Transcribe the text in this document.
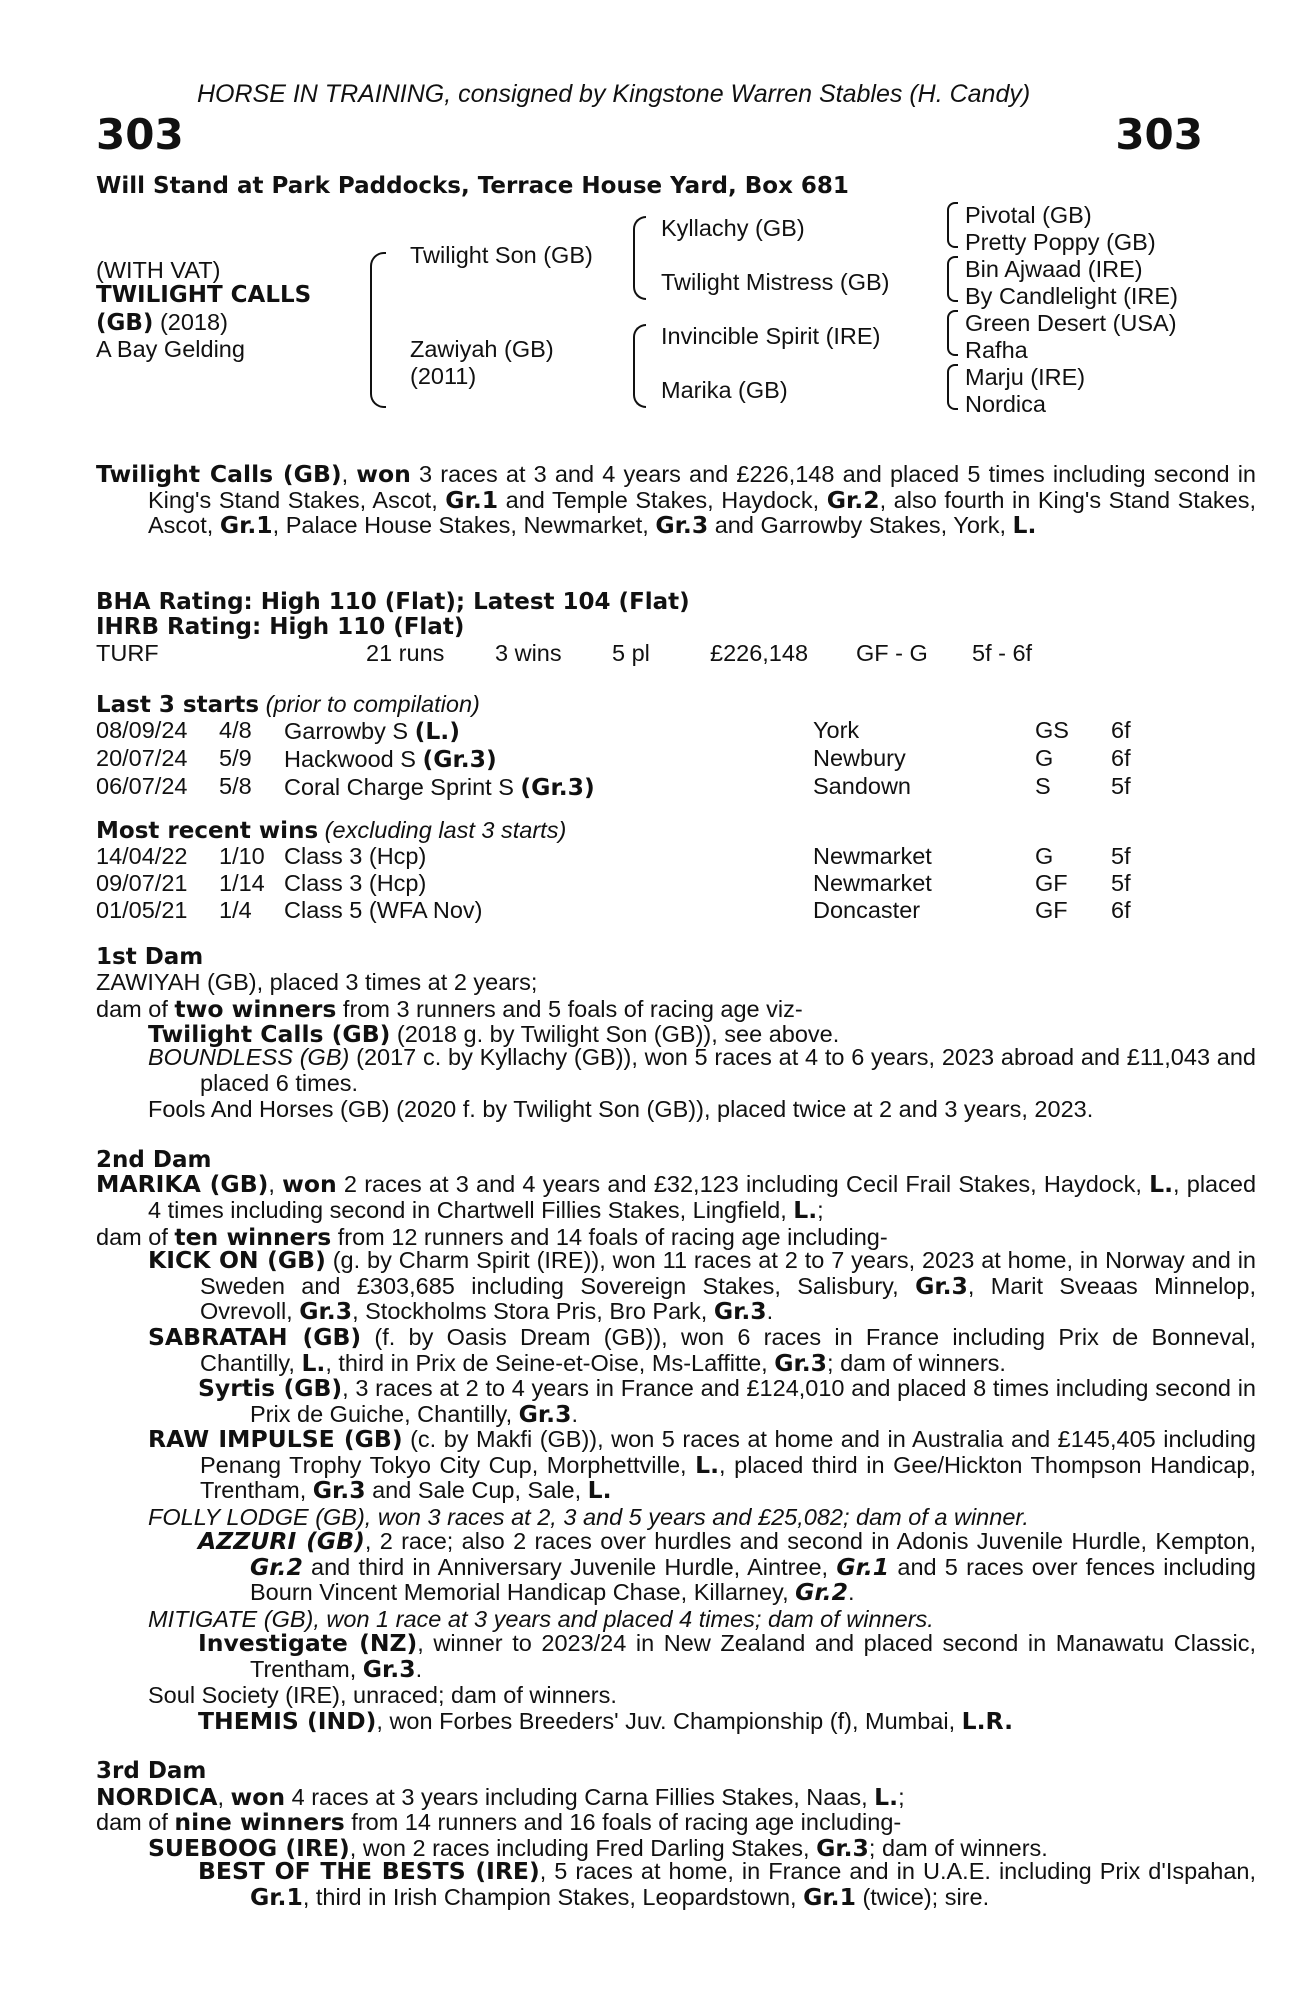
HORSE IN TRAINING, consigned by Kingstone Warren Stables (H. Candy)
303	303
Will Stand at Park Paddocks, Terrace House Yard, Box 681
(WITH VAT)
TWILIGHT CALLS
(GB) (2018)
A Bay Gelding
Twilight Son (GB)
Zawiyah (GB)
(2011)
Kyllachy (GB)
Twilight Mistress (GB)
Invincible Spirit (IRE)
Marika (GB)
Pivotal (GB)
Pretty Poppy (GB)
Bin Ajwaad (IRE)
By Candlelight (IRE)
Green Desert (USA)
Rafha
Marju (IRE)
Nordica
Twilight Calls (GB), won 3 races at 3 and 4 years and £226,148 and placed 5 times including second in King's Stand Stakes, Ascot, Gr.1 and Temple Stakes, Haydock, Gr.2, also fourth in King's Stand Stakes, Ascot, Gr.1, Palace House Stakes, Newmarket, Gr.3 and Garrowby Stakes, York, L.
BHA Rating: High 110 (Flat); Latest 104 (Flat)
IHRB Rating: High 110 (Flat)
TURF	21 runs 3 wins 5 pl	£226,148 GF - G 5f - 6f
Last 3 starts (prior to compilation)
08/09/24	4/8	Garrowby S (L.)	York	GS	6f
20/07/24	5/9	Hackwood S (Gr.3)	Newbury	G	6f
06/07/24	5/8	Coral Charge Sprint S (Gr.3)	Sandown	S	5f
Most recent wins (excluding last 3 starts)
14/04/22	1/10	Class 3 (Hcp)	Newmarket	G	5f
09/07/21	1/14	Class 3 (Hcp)	Newmarket	GF	5f
01/05/21	1/4	Class 5 (WFA Nov)	Doncaster	GF	6f
1st Dam
ZAWIYAH (GB), placed 3 times at 2 years;
dam of two winners from 3 runners and 5 foals of racing age viz-
Twilight Calls (GB) (2018 g. by Twilight Son (GB)), see above.
BOUNDLESS (GB) (2017 c. by Kyllachy (GB)), won 5 races at 4 to 6 years, 2023 abroad and £11,043 and placed 6 times.
Fools And Horses (GB) (2020 f. by Twilight Son (GB)), placed twice at 2 and 3 years, 2023.
2nd Dam
MARIKA (GB), won 2 races at 3 and 4 years and £32,123 including Cecil Frail Stakes, Haydock, L., placed 4 times including second in Chartwell Fillies Stakes, Lingfield, L.;
dam of ten winners from 12 runners and 14 foals of racing age including-
KICK ON (GB) (g. by Charm Spirit (IRE)), won 11 races at 2 to 7 years, 2023 at home, in Norway and in Sweden and £303,685 including Sovereign Stakes, Salisbury, Gr.3, Marit Sveaas Minnelop, Ovrevoll, Gr.3, Stockholms Stora Pris, Bro Park, Gr.3.
SABRATAH (GB) (f. by Oasis Dream (GB)), won 6 races in France including Prix de Bonneval, Chantilly, L., third in Prix de Seine-et-Oise, Ms-Laffitte, Gr.3; dam of winners.
Syrtis (GB), 3 races at 2 to 4 years in France and £124,010 and placed 8 times including second in Prix de Guiche, Chantilly, Gr.3.
RAW IMPULSE (GB) (c. by Makfi (GB)), won 5 races at home and in Australia and £145,405 including Penang Trophy Tokyo City Cup, Morphettville, L., placed third in Gee/Hickton Thompson Handicap, Trentham, Gr.3 and Sale Cup, Sale, L.
FOLLY LODGE (GB), won 3 races at 2, 3 and 5 years and £25,082; dam of a winner.
AZZURI (GB), 2 race; also 2 races over hurdles and second in Adonis Juvenile Hurdle, Kempton, Gr.2 and third in Anniversary Juvenile Hurdle, Aintree, Gr.1 and 5 races over fences including Bourn Vincent Memorial Handicap Chase, Killarney, Gr.2.
MITIGATE (GB), won 1 race at 3 years and placed 4 times; dam of winners.
Investigate (NZ), winner to 2023/24 in New Zealand and placed second in Manawatu Classic, Trentham, Gr.3.
Soul Society (IRE), unraced; dam of winners.
THEMIS (IND), won Forbes Breeders' Juv. Championship (f), Mumbai, L.R.
3rd Dam
NORDICA, won 4 races at 3 years including Carna Fillies Stakes, Naas, L.;
dam of nine winners from 14 runners and 16 foals of racing age including-
SUEBOOG (IRE), won 2 races including Fred Darling Stakes, Gr.3; dam of winners.
BEST OF THE BESTS (IRE), 5 races at home, in France and in U.A.E. including Prix d'Ispahan, Gr.1, third in Irish Champion Stakes, Leopardstown, Gr.1 (twice); sire.
